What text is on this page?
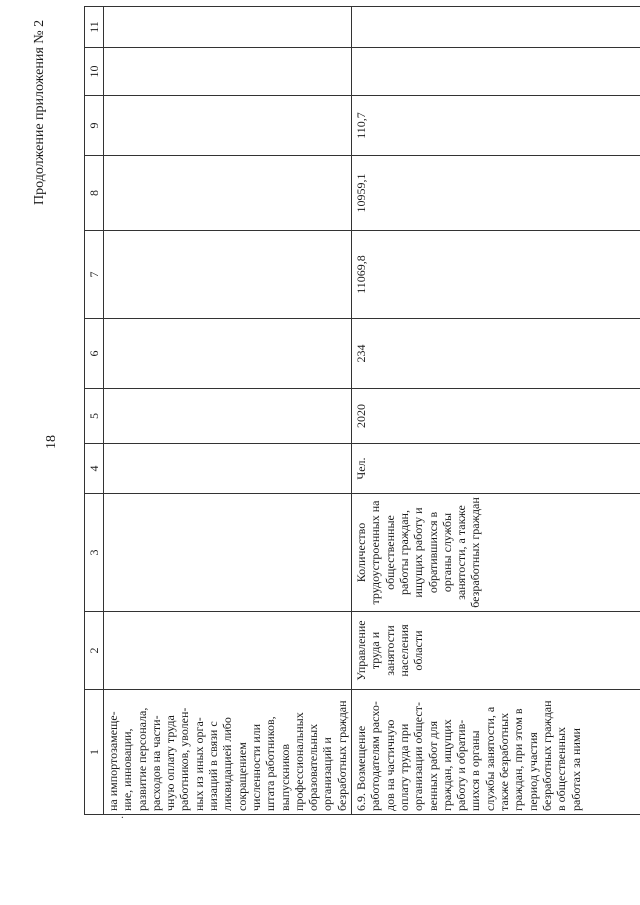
18
Продолжение приложения № 2
·
1	2	3	4	5	6	7	8	9	10	11
на импортозамеще-ние, инновации, развитие персонала, расходов на части-чную оплату труда работников, уволен-ных из иных орга-низаций в связи с ликвидацией либо сокращением численности или штата работников, выпускников профессиональных образовательных организаций и безработных граждан										
6.9. Возмещение работодателям расхо-дов на частичную оплату труда при организации общест-венных работ для граждан, ищущих работу и обратив-шихся в органы службы занятости, а также безработных граждан, при этом в период участия безработных граждан в общественных работах за ними	Управление труда и занятости населения области	Количество трудоустроенных на общественные работы граждан, ищущих работу и обратившихся в органы службы занятости, а также безработных граждан	Чел.	2020	234	11069,8	10959,1	110,7		
